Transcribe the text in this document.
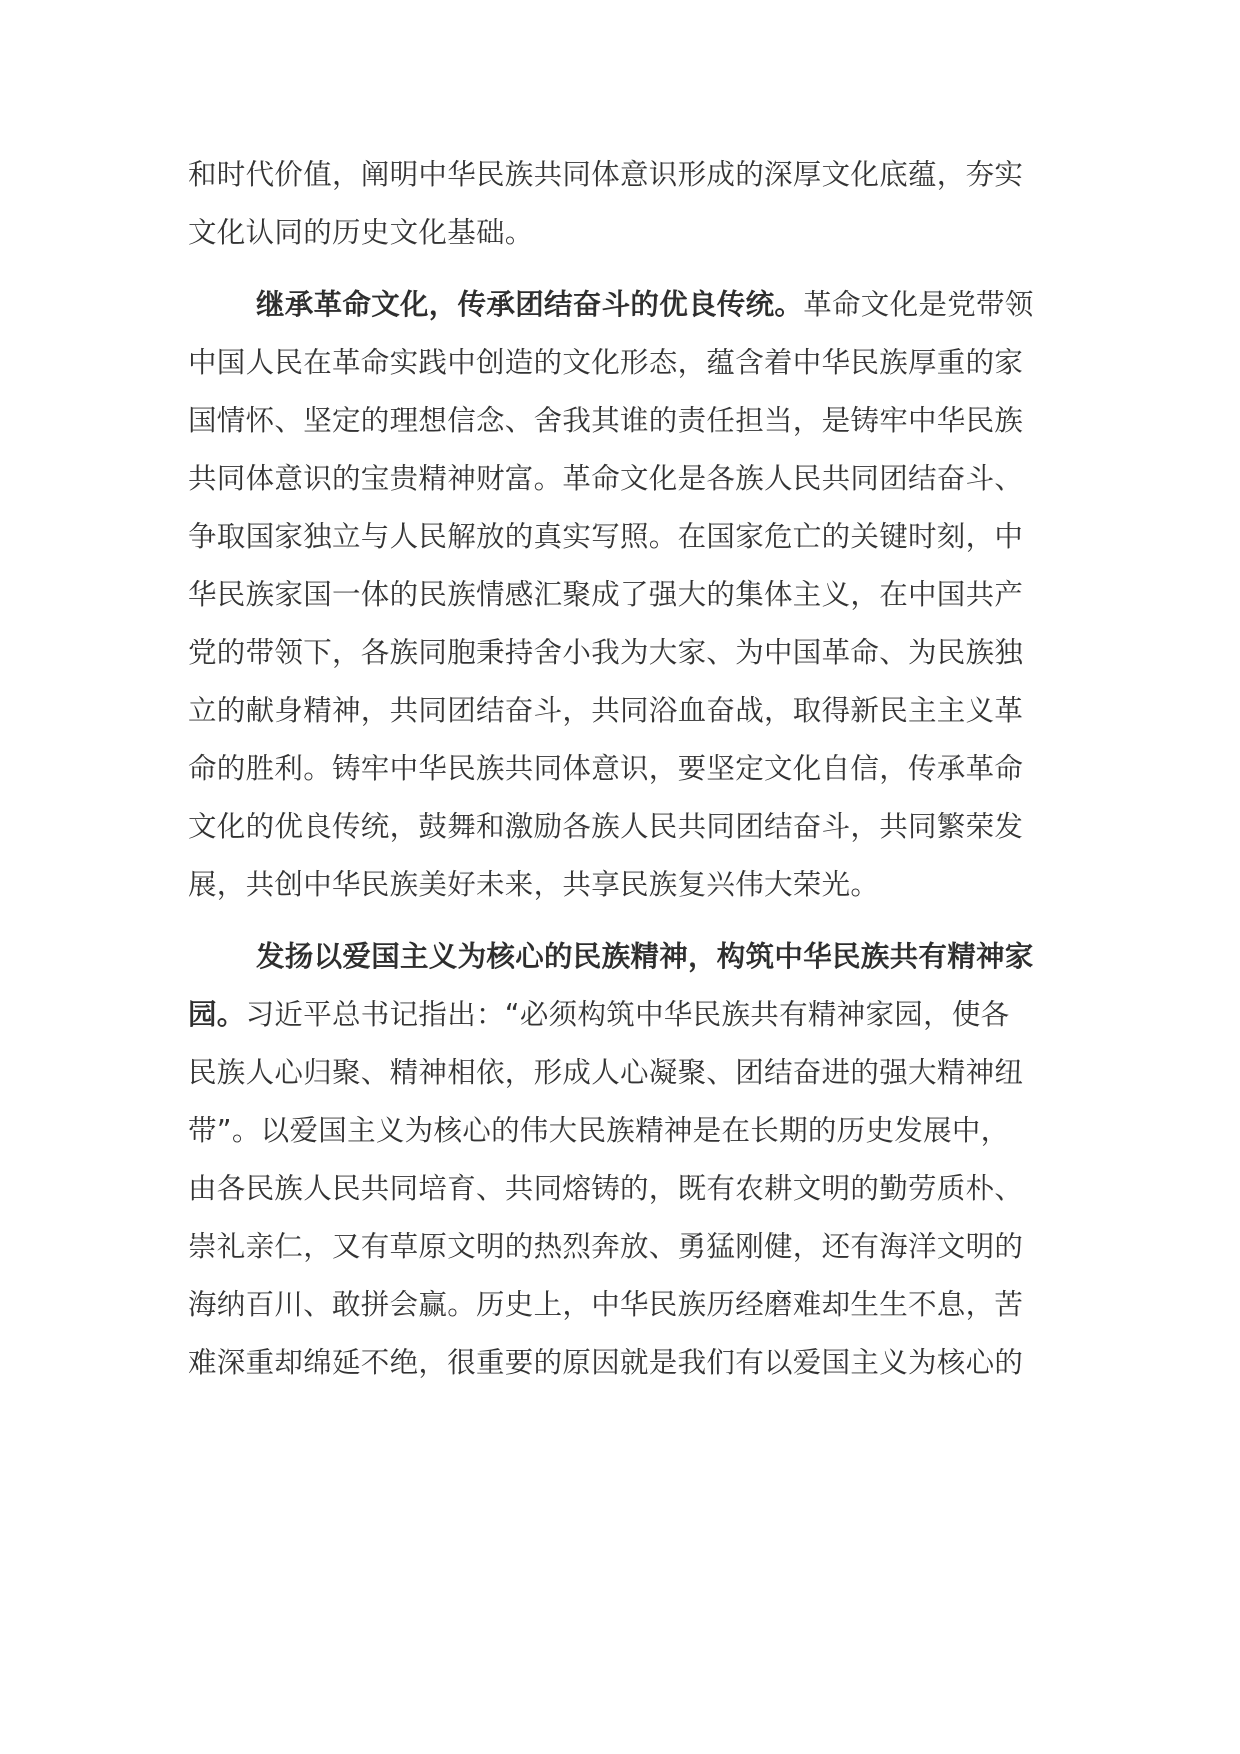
和时代价值，阐明中华民族共同体意识形成的深厚文化底蕴，夯实
文化认同的历史文化基础。
继承革命文化，传承团结奋斗的优良传统。革命文化是党带领
中国人民在革命实践中创造的文化形态，蕴含着中华民族厚重的家
国情怀、坚定的理想信念、舍我其谁的责任担当，是铸牢中华民族
共同体意识的宝贵精神财富。革命文化是各族人民共同团结奋斗、
争取国家独立与人民解放的真实写照。在国家危亡的关键时刻，中
华民族家国一体的民族情感汇聚成了强大的集体主义，在中国共产
党的带领下，各族同胞秉持舍小我为大家、为中国革命、为民族独
立的献身精神，共同团结奋斗，共同浴血奋战，取得新民主主义革
命的胜利。铸牢中华民族共同体意识，要坚定文化自信，传承革命
文化的优良传统，鼓舞和激励各族人民共同团结奋斗，共同繁荣发
展，共创中华民族美好未来，共享民族复兴伟大荣光。
发扬以爱国主义为核心的民族精神，构筑中华民族共有精神家
园。习近平总书记指出：“必须构筑中华民族共有精神家园，使各
民族人心归聚、精神相依，形成人心凝聚、团结奋进的强大精神纽
带”。以爱国主义为核心的伟大民族精神是在长期的历史发展中，
由各民族人民共同培育、共同熔铸的，既有农耕文明的勤劳质朴、
崇礼亲仁，又有草原文明的热烈奔放、勇猛刚健，还有海洋文明的
海纳百川、敢拼会赢。历史上，中华民族历经磨难却生生不息，苦
难深重却绵延不绝，很重要的原因就是我们有以爱国主义为核心的
